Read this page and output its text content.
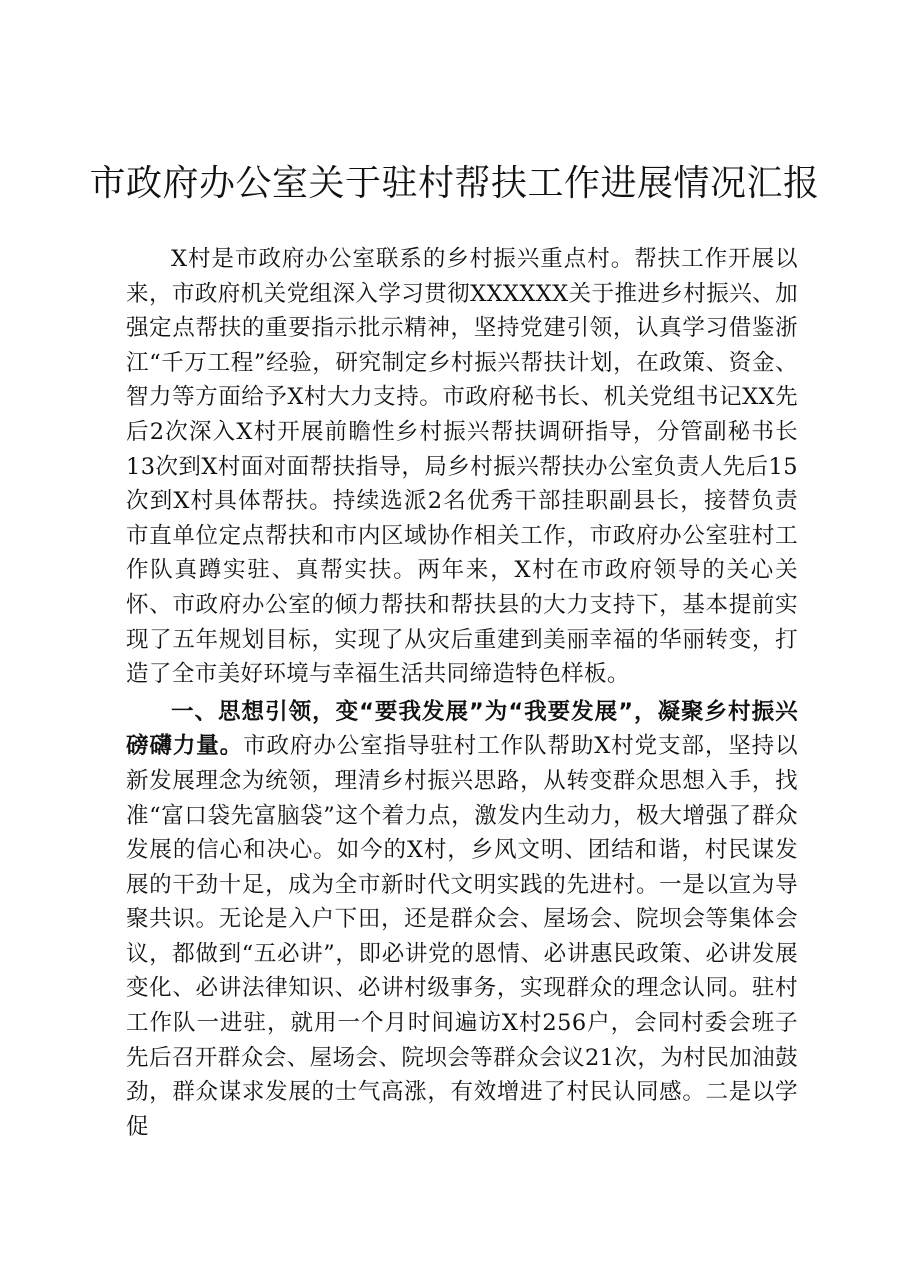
市政府办公室关于驻村帮扶工作进展情况汇报

X村是市政府办公室联系的乡村振兴重点村。帮扶工作开展以来，市政府机关党组深入学习贯彻XXXXXX关于推进乡村振兴、加强定点帮扶的重要指示批示精神，坚持党建引领，认真学习借鉴浙江“千万工程”经验，研究制定乡村振兴帮扶计划，在政策、资金、智力等方面给予X村大力支持。市政府秘书长、机关党组书记XX先后2次深入X村开展前瞻性乡村振兴帮扶调研指导，分管副秘书长13次到X村面对面帮扶指导，局乡村振兴帮扶办公室负责人先后15次到X村具体帮扶。持续选派2名优秀干部挂职副县长，接替负责市直单位定点帮扶和市内区域协作相关工作，市政府办公室驻村工作队真蹲实驻、真帮实扶。两年来，X村在市政府领导的关心关怀、市政府办公室的倾力帮扶和帮扶县的大力支持下，基本提前实现了五年规划目标，实现了从灾后重建到美丽幸福的华丽转变，打造了全市美好环境与幸福生活共同缔造特色样板。

一、思想引领，变“要我发展”为“我要发展”，凝聚乡村振兴磅礴力量。市政府办公室指导驻村工作队帮助X村党支部，坚持以新发展理念为统领，理清乡村振兴思路，从转变群众思想入手，找准“富口袋先富脑袋”这个着力点，激发内生动力，极大增强了群众发展的信心和决心。如今的X村，乡风文明、团结和谐，村民谋发展的干劲十足，成为全市新时代文明实践的先进村。一是以宣为导聚共识。无论是入户下田，还是群众会、屋场会、院坝会等集体会议，都做到“五必讲”，即必讲党的恩情、必讲惠民政策、必讲发展变化、必讲法律知识、必讲村级事务，实现群众的理念认同。驻村工作队一进驻，就用一个月时间遍访X村256户，会同村委会班子先后召开群众会、屋场会、院坝会等群众会议21次，为村民加油鼓劲，群众谋求发展的士气高涨，有效增进了村民认同感。二是以学促
